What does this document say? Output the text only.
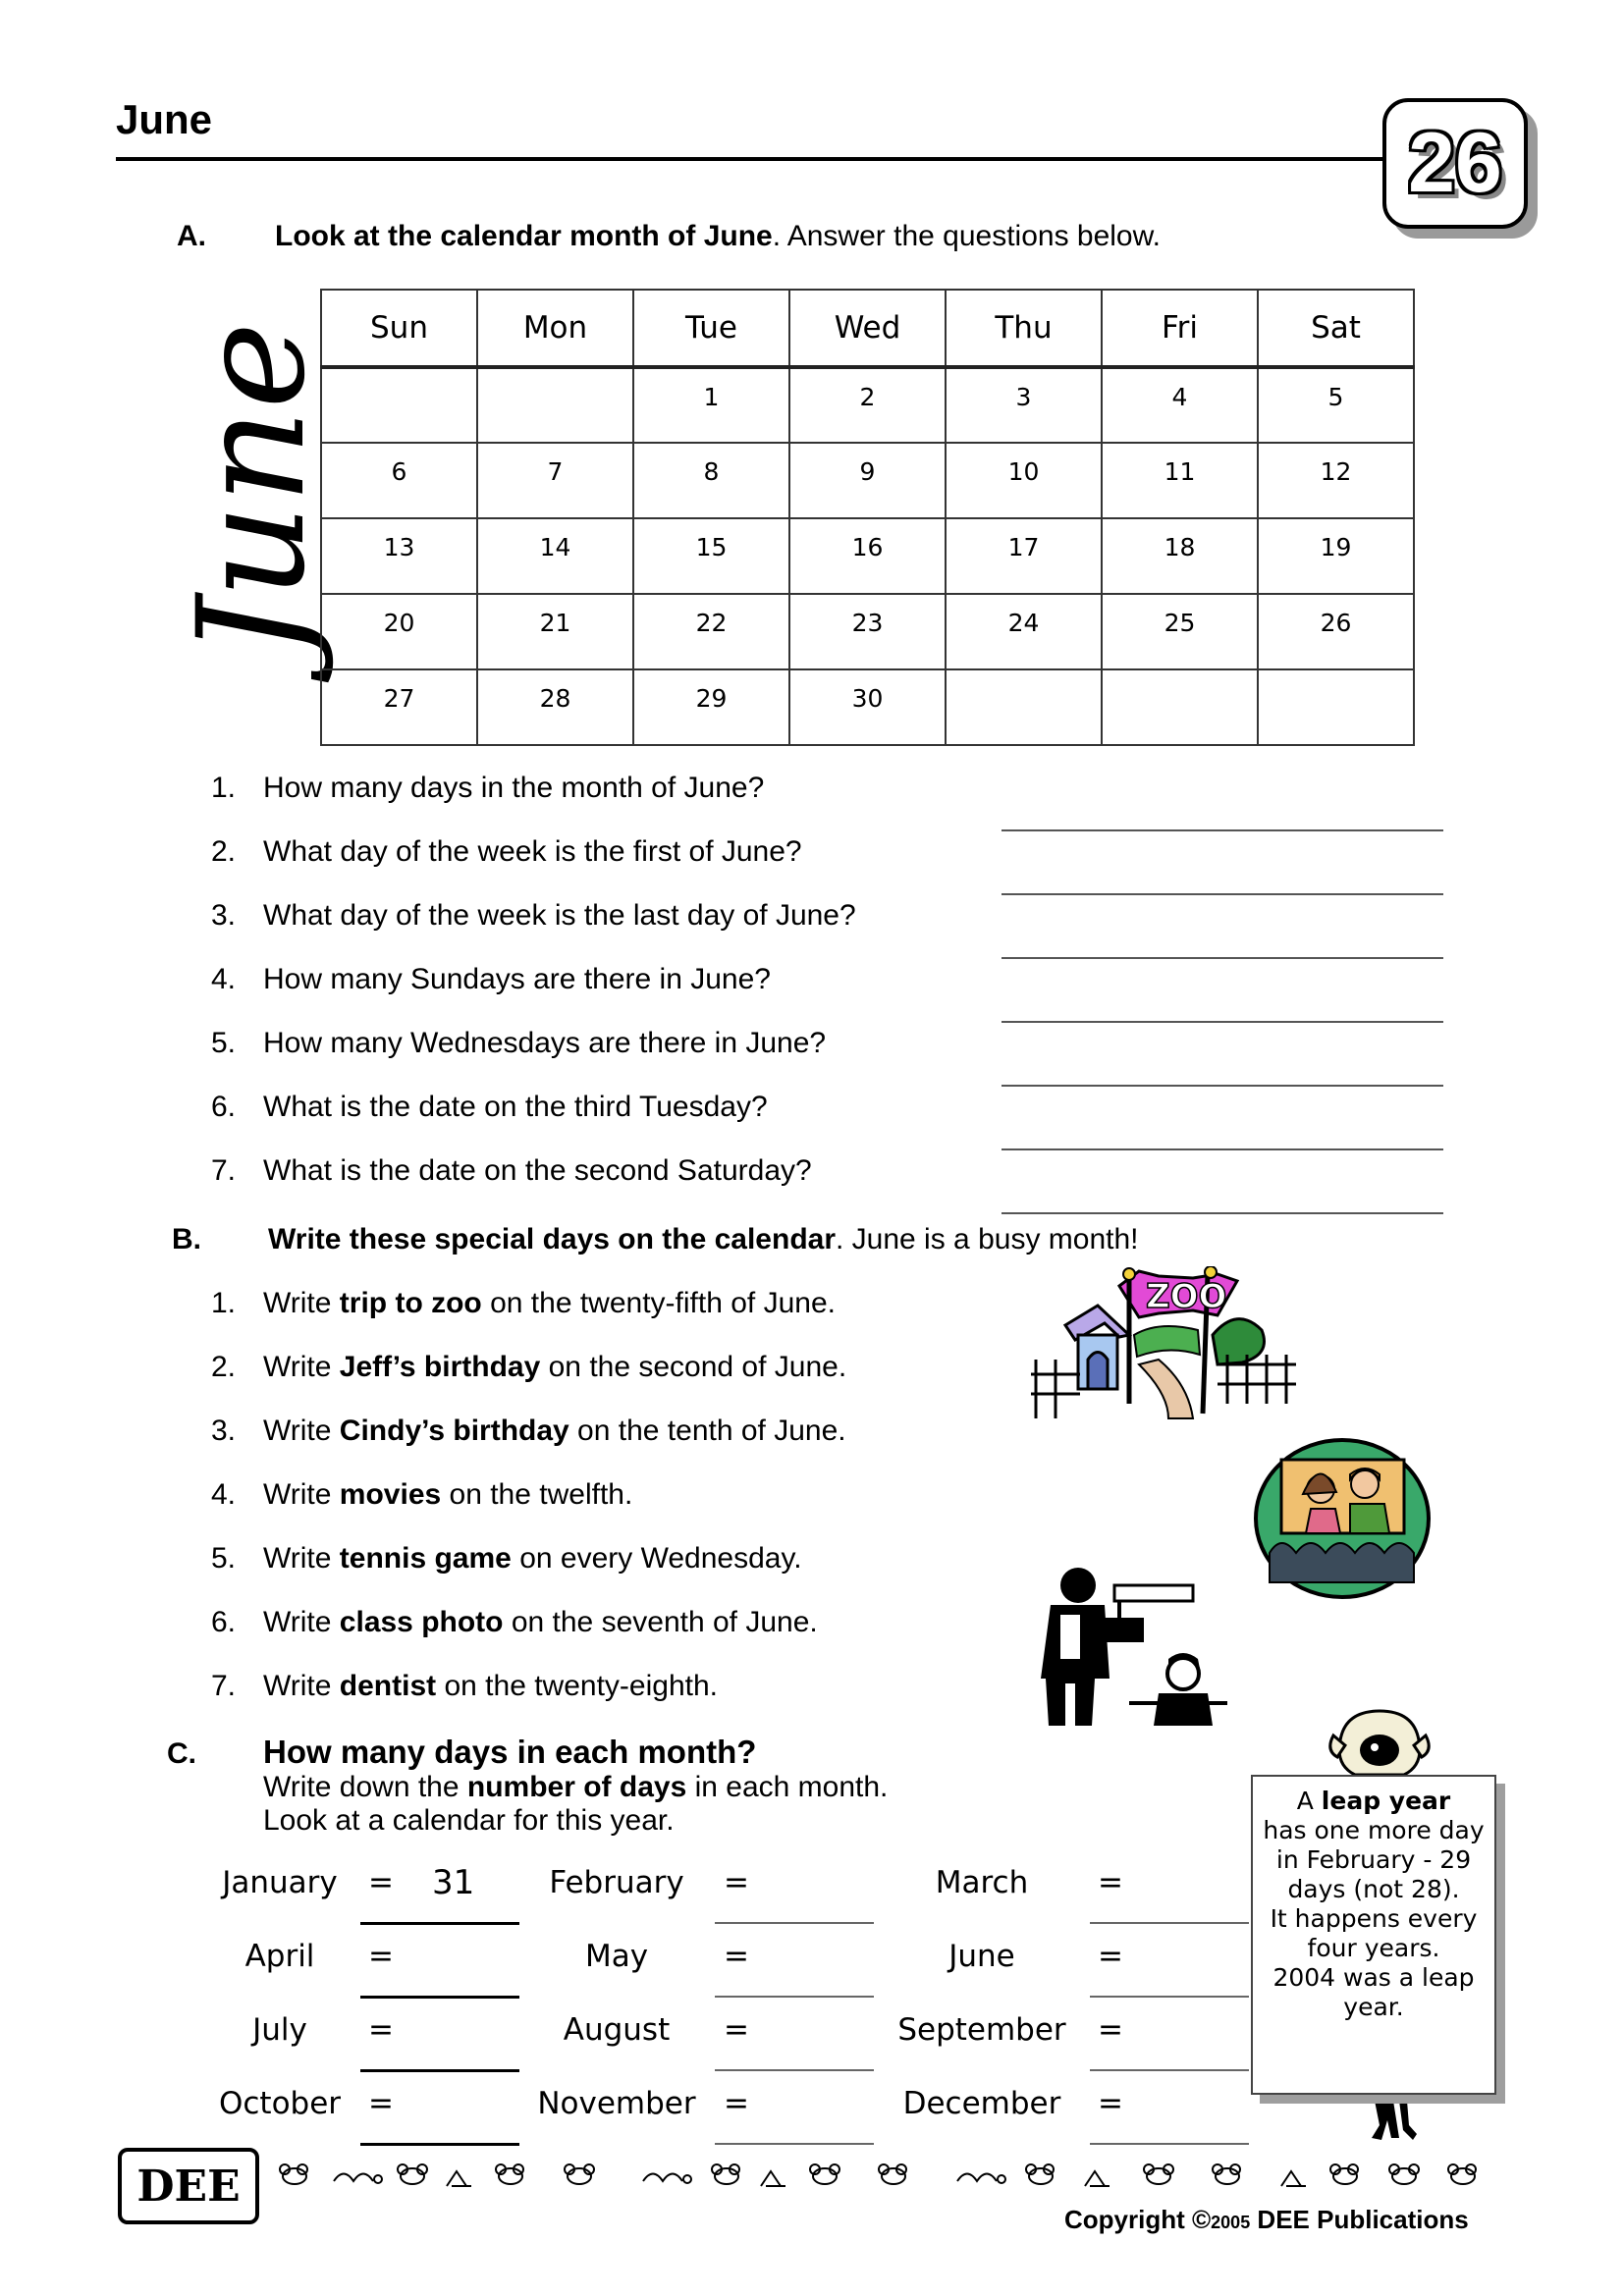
June	26
A. Look at the calendar month of June. Answer the questions below.
June Sun	Mon	Tue	Wed	Thu	Fri	Sat
		1	2	3	4	5
6	7	8	9	10	11	12
13	14	15	16	17	18	19
20	21	22	23	24	25	26
27	28	29	30			
1. How many days in the month of June?
2. What day of the week is the first of June?
3. What day of the week is the last day of June?
4. How many Sundays are there in June?
5. How many Wednesdays are there in June?
6. What is the date on the third Tuesday?
7. What is the date on the second Saturday?
B. Write these special days on the calendar. June is a busy month!
1. Write trip to zoo on the twenty-fifth of June.
2. Write Jeff’s birthday on the second of June.
3. Write Cindy’s birthday on the tenth of June.
4. Write movies on the twelfth.
5. Write tennis game on every Wednesday.
6. Write class photo on the seventh of June.
7. Write dentist on the twenty-eighth.
ZOO
C. How many days in each month?
Write down the number of days in each month.
Look at a calendar for this year.
January	= 31	February	=	March	=
April	=	May	=	June	=
July	=	August	=	September	=
October =	November =	December	=
A leap year
has one more day
in February - 29
days (not 28).
It happens every
four years.
2004 was a leap
year.
DEE
Copyright ©2005 DEE Publications
